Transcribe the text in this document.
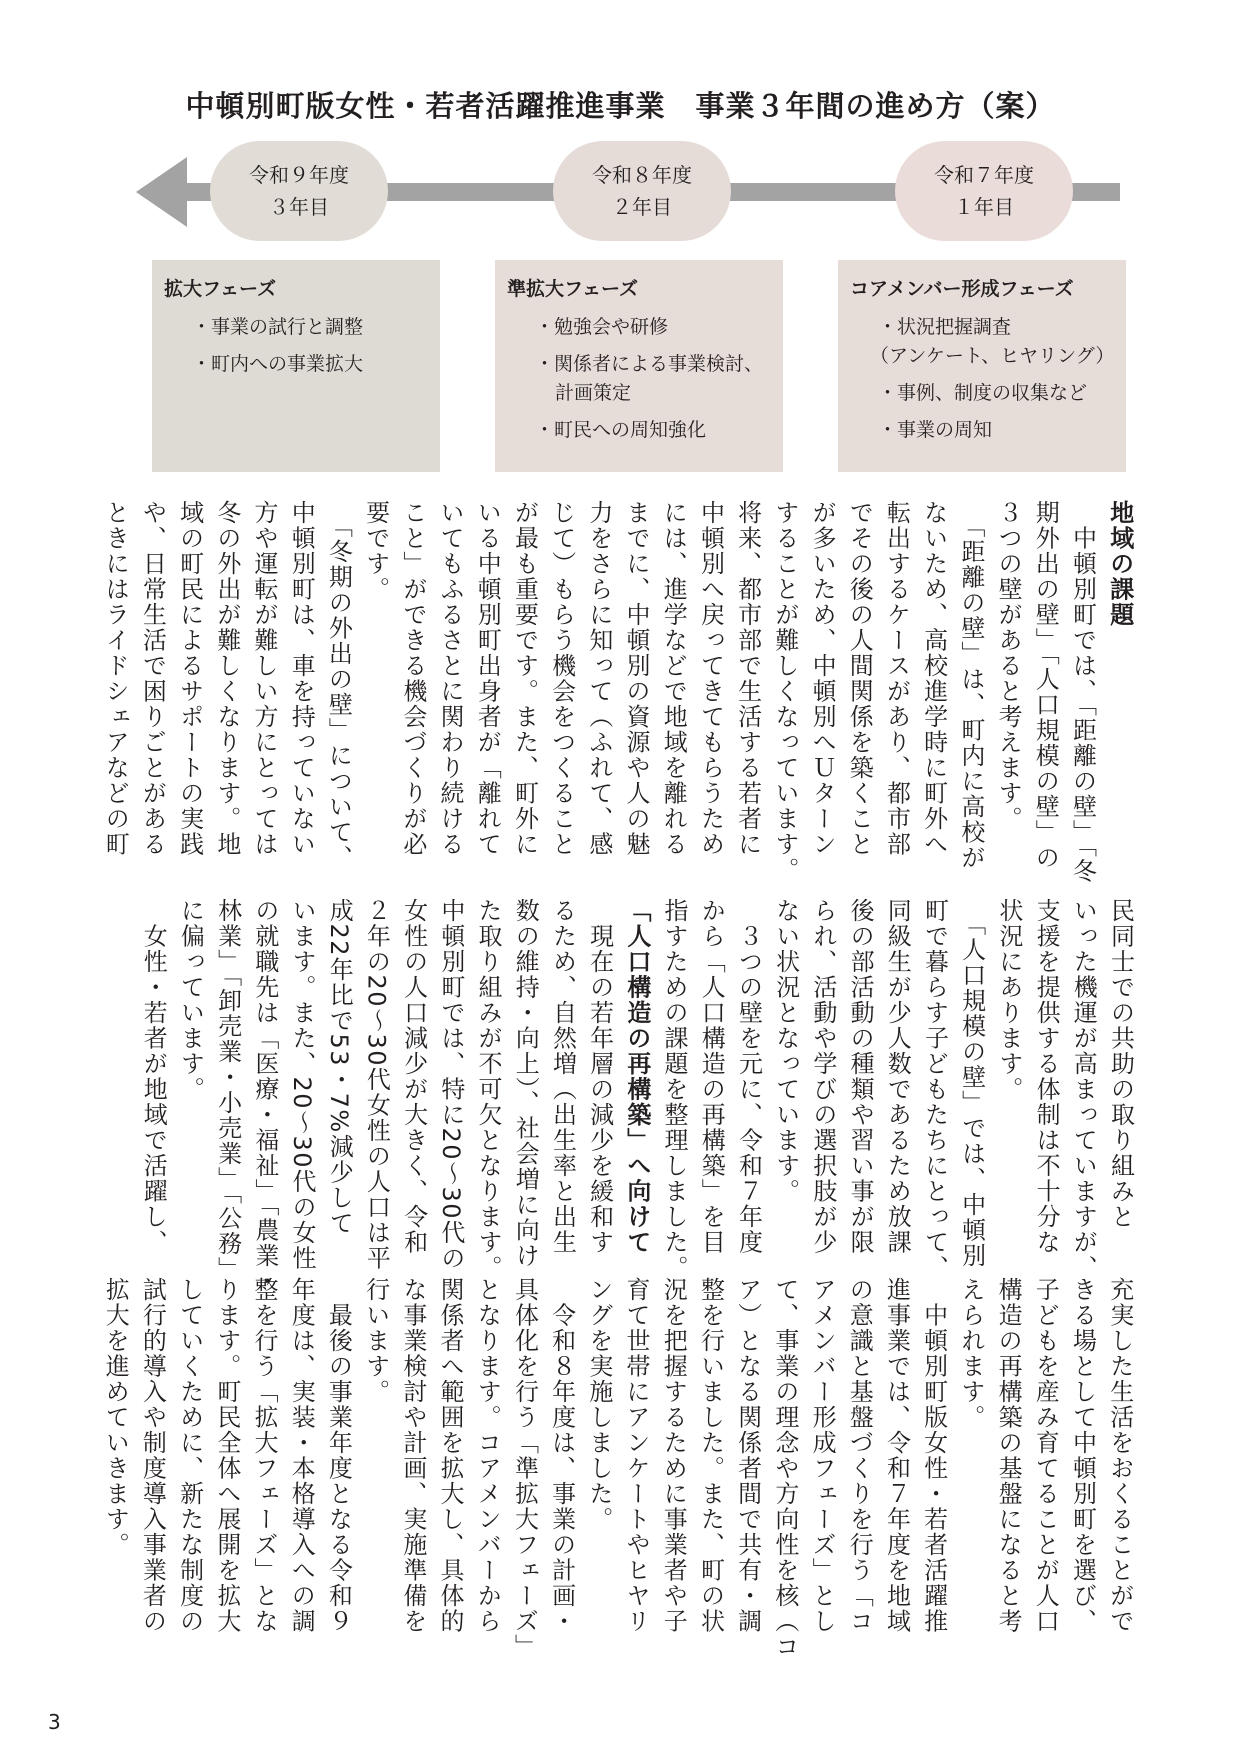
中頓別町版女性・若者活躍推進事業　事業３年間の進め方（案）
令和９年度
３年目
令和８年度
２年目
令和７年度
１年目
拡大フェーズ
・事業の試行と調整
・町内への事業拡大
準拡大フェーズ
・勉強会や研修
・関係者による事業検討、
計画策定
・町民への周知強化
コアメンバー形成フェーズ
・状況把握調査
（アンケート、ヒヤリング）
・事例、制度の収集など
・事業の周知
地域の課題
　中頓別町では、「距離の壁」「冬
期外出の壁」「人口規模の壁」の
３つの壁があると考えます。
　「距離の壁」は、町内に高校が
ないため、高校進学時に町外へ
転出するケースがあり、都市部
でその後の人間関係を築くこと
が多いため、中頓別へＵターン
することが難しくなっています。
将来、都市部で生活する若者に
中頓別へ戻ってきてもらうため
には、進学などで地域を離れる
までに、中頓別の資源や人の魅
力をさらに知って（ふれて、感
じて）もらう機会をつくること
が最も重要です。また、町外に
いる中頓別町出身者が「離れて
いてもふるさとに関わり続ける
こと」ができる機会づくりが必
要です。
　「冬期の外出の壁」について、
中頓別町は、車を持っていない
方や運転が難しい方にとっては
冬の外出が難しくなります。地
域の町民によるサポートの実践
や、日常生活で困りごとがある
ときにはライドシェアなどの町
民同士での共助の取り組みと
いった機運が高まっていますが、
支援を提供する体制は不十分な
状況にあります。
　「人口規模の壁」では、中頓別
町で暮らす子どもたちにとって、
同級生が少人数であるため放課
後の部活動の種類や習い事が限
られ、活動や学びの選択肢が少
ない状況となっています。
　３つの壁を元に、令和７年度
から「人口構造の再構築」を目
指すための課題を整理しました。
「人口構造の再構築」へ向けて
　現在の若年層の減少を緩和す
るため、自然増（出生率と出生
数の維持・向上）、社会増に向け
た取り組みが不可欠となります。
中頓別町では、特に20～30代の
女性の人口減少が大きく、令和
２年の20～30代女性の人口は平
成22年比で53・7%減少して
います。また、20～30代の女性
の就職先は「医療・福祉」「農業・
林業」「卸売業・小売業」「公務」
に偏っています。
　女性・若者が地域で活躍し、
充実した生活をおくることがで
きる場として中頓別町を選び、
子どもを産み育てることが人口
構造の再構築の基盤になると考
えられます。
　中頓別町版女性・若者活躍推
進事業では、令和７年度を地域
の意識と基盤づくりを行う「コ
アメンバー形成フェーズ」とし
て、事業の理念や方向性を核（コ
ア）となる関係者間で共有・調
整を行いました。また、町の状
況を把握するために事業者や子
育て世帯にアンケートやヒヤリ
ングを実施しました。
　令和８年度は、事業の計画・
具体化を行う「準拡大フェーズ」
となります。コアメンバーから
関係者へ範囲を拡大し、具体的
な事業検討や計画、実施準備を
行います。
　最後の事業年度となる令和９
年度は、実装・本格導入への調
整を行う「拡大フェーズ」とな
ります。町民全体へ展開を拡大
していくために、新たな制度の
試行的導入や制度導入事業者の
拡大を進めていきます。
3
